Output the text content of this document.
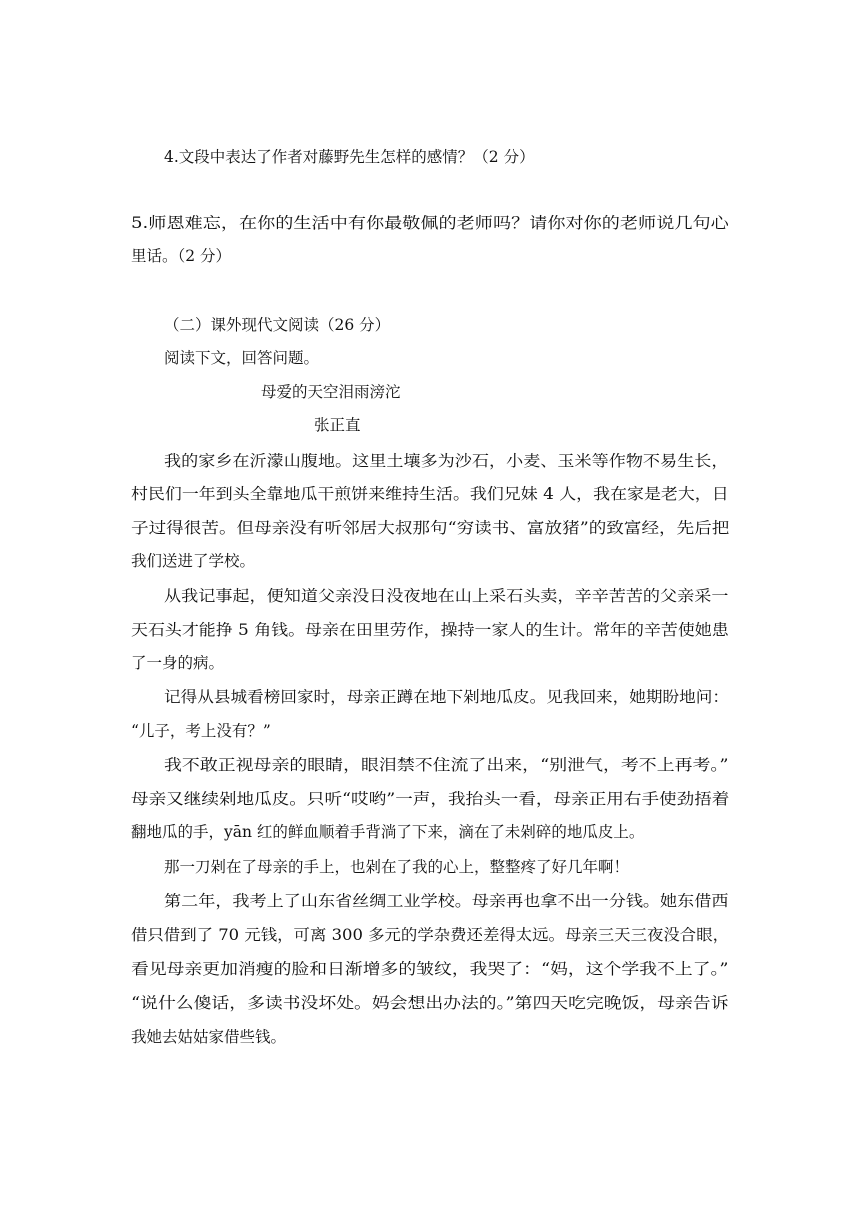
4.文段中表达了作者对藤野先生怎样的感情？（2 分）
5.师恩难忘，在你的生活中有你最敬佩的老师吗？请你对你的老师说几句心
里话。（2 分）
（二）课外现代文阅读（26 分）
阅读下文，回答问题。
母爱的天空泪雨滂沱
张正直
我的家乡在沂濛山腹地。这里土壤多为沙石，小麦、玉米等作物不易生长，
村民们一年到头全靠地瓜干煎饼来维持生活。我们兄妹 4 人，我在家是老大，日
子过得很苦。但母亲没有听邻居大叔那句“穷读书、富放猪”的致富经，先后把
我们送进了学校。
从我记事起，便知道父亲没日没夜地在山上采石头卖，辛辛苦苦的父亲采一
天石头才能挣 5 角钱。母亲在田里劳作，操持一家人的生计。常年的辛苦使她患
了一身的病。
记得从县城看榜回家时，母亲正蹲在地下剁地瓜皮。见我回来，她期盼地问：
“儿子，考上没有？”
我不敢正视母亲的眼睛，眼泪禁不住流了出来，“别泄气，考不上再考。”
母亲又继续剁地瓜皮。只听“哎哟”一声，我抬头一看，母亲正用右手使劲捂着
翻地瓜的手，yān 红的鲜血顺着手背淌了下来，滴在了未剁碎的地瓜皮上。
那一刀剁在了母亲的手上，也剁在了我的心上，整整疼了好几年啊！
第二年，我考上了山东省丝绸工业学校。母亲再也拿不出一分钱。她东借西
借只借到了 70 元钱，可离 300 多元的学杂费还差得太远。母亲三天三夜没合眼，
看见母亲更加消瘦的脸和日渐增多的皱纹，我哭了：“妈，这个学我不上了。”
“说什么傻话，多读书没坏处。妈会想出办法的。”第四天吃完晚饭，母亲告诉
我她去姑姑家借些钱。
